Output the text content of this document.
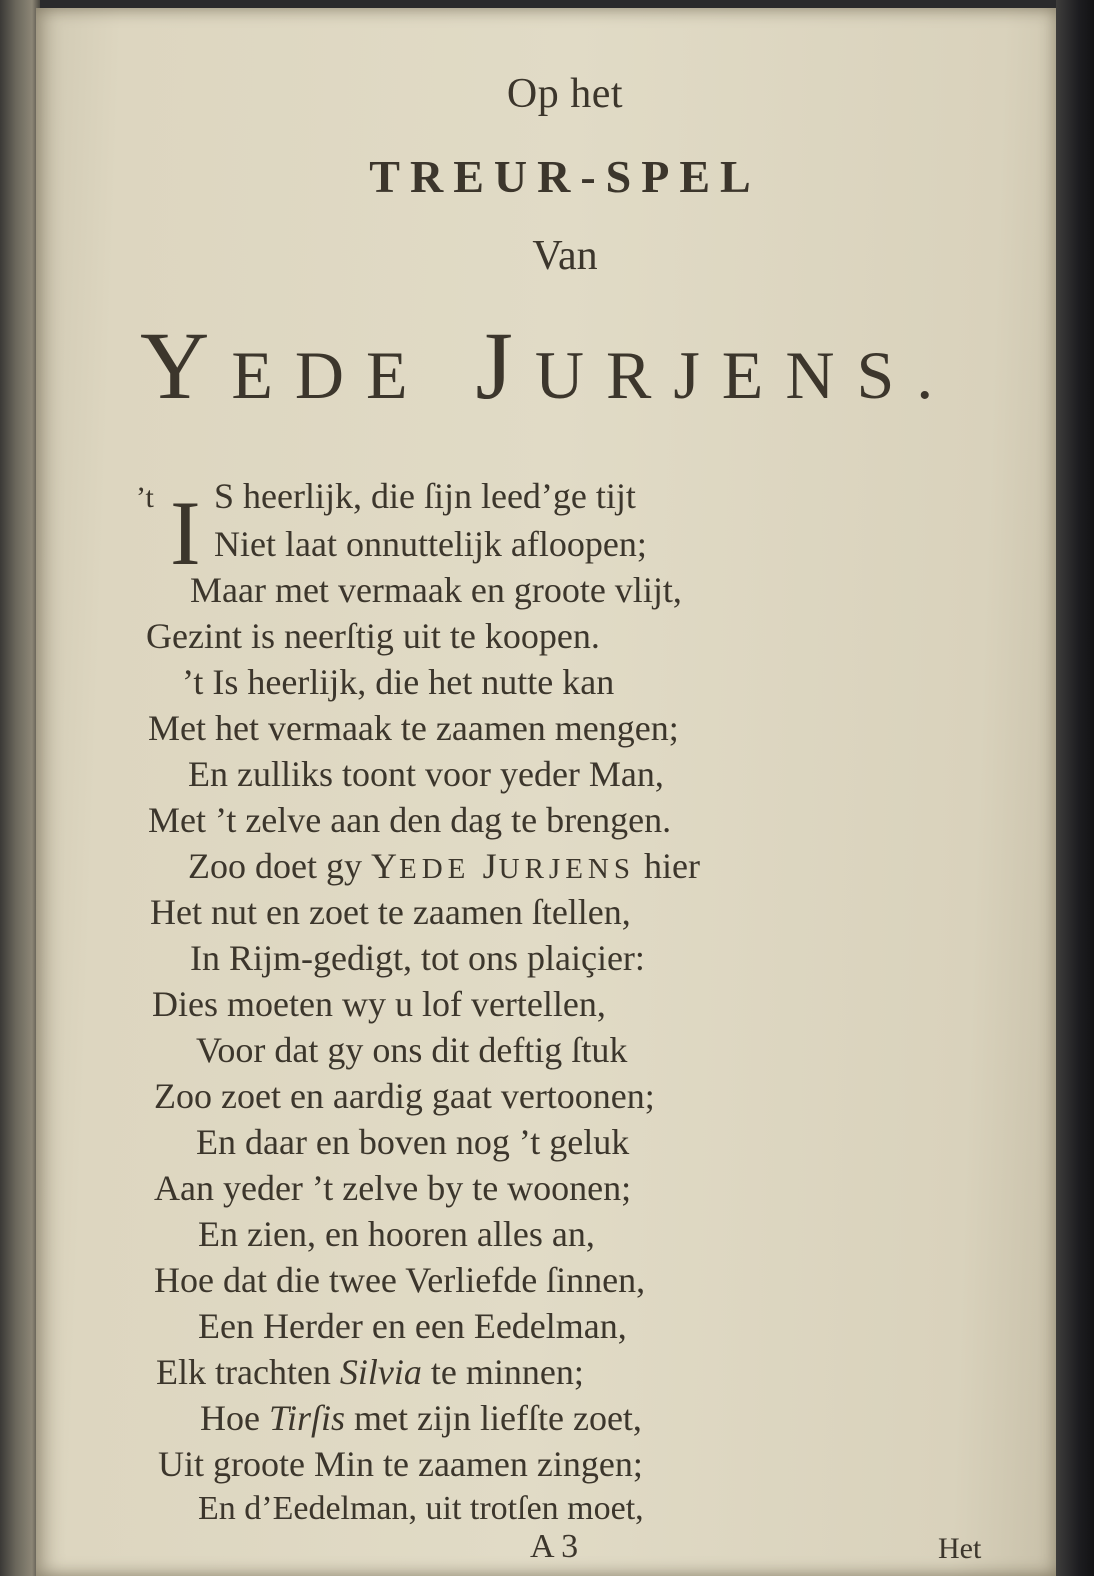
Op het
TREUR-SPEL
Van
YEDE JURJENS.
’t I S heerlijk, die ſijn leed’ge tijt
Niet laat onnuttelijk afloopen;
Maar met vermaak en groote vlijt,
Gezint is neerſtig uit te koopen.
’t Is heerlijk, die het nutte kan
Met het vermaak te zaamen mengen;
En zulliks toont voor yeder Man,
Met ’t zelve aan den dag te brengen.
Zoo doet gy YEDE JURJENS hier
Het nut en zoet te zaamen ſtellen,
In Rijm-gedigt, tot ons plaiçier:
Dies moeten wy u lof vertellen,
Voor dat gy ons dit deftig ſtuk
Zoo zoet en aardig gaat vertoonen;
En daar en boven nog ’t geluk
Aan yeder ’t zelve by te woonen;
En zien, en hooren alles an,
Hoe dat die twee Verliefde ſinnen,
Een Herder en een Eedelman,
Elk trachten Silvia te minnen;
Hoe Tirſis met zijn liefſte zoet,
Uit groote Min te zaamen zingen;
En d’Eedelman, uit trotſen moet,
A 3	Het
